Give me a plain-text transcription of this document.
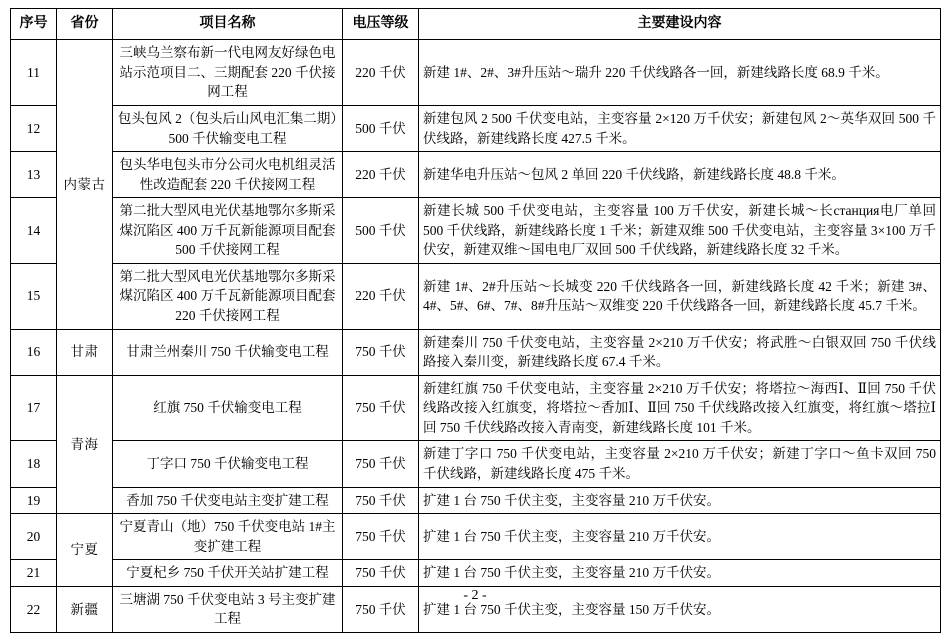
序号	省份	项目名称	电压等级	主要建设内容
11	内蒙古	三峡乌兰察布新一代电网友好绿色电站示范项目二、三期配套 220 千伏接网工程	220 千伏	新建 1#、2#、3#升压站～瑞升 220 千伏线路各一回，新建线路长度 68.9 千米。
12		包头包风 2（包头后山风电汇集二期）500 千伏输变电工程	500 千伏	新建包风 2 500 千伏变电站，主变容量 2×120 万千伏安；新建包风 2～英华双回 500 千伏线路，新建线路长度 427.5 千米。
13		包头华电包头市分公司火电机组灵活性改造配套 220 千伏接网工程	220 千伏	新建华电升压站～包风 2 单回 220 千伏线路，新建线路长度 48.8 千米。
14		第二批大型风电光伏基地鄂尔多斯采煤沉陷区 400 万千瓦新能源项目配套 500 千伏接网工程	500 千伏	新建长城 500 千伏变电站，主变容量 100 万千伏安，新建长城～长станция电厂单回 500 千伏线路，新建线路长度 1 千米；新建双维 500 千伏变电站，主变容量 3×100 万千伏安，新建双维～国电电厂双回 500 千伏线路，新建线路长度 32 千米。
15		第二批大型风电光伏基地鄂尔多斯采煤沉陷区 400 万千瓦新能源项目配套 220 千伏接网工程	220 千伏	新建 1#、2#升压站～长城变 220 千伏线路各一回，新建线路长度 42 千米；新建 3#、4#、5#、6#、7#、8#升压站～双维变 220 千伏线路各一回，新建线路长度 45.7 千米。
16	甘肃	甘肃兰州秦川 750 千伏输变电工程	750 千伏	新建秦川 750 千伏变电站，主变容量 2×210 万千伏安；将武胜～白银双回 750 千伏线路接入秦川变，新建线路长度 67.4 千米。
17	青海	红旗 750 千伏输变电工程	750 千伏	新建红旗 750 千伏变电站，主变容量 2×210 万千伏安；将塔拉～海西Ⅰ、Ⅱ回 750 千伏线路改接入红旗变，将塔拉～香加Ⅰ、Ⅱ回 750 千伏线路改接入红旗变，将红旗～塔拉Ⅰ回 750 千伏线路改接入青南变，新建线路长度 101 千米。
18		丁字口 750 千伏输变电工程	750 千伏	新建丁字口 750 千伏变电站，主变容量 2×210 万千伏安；新建丁字口～鱼卡双回 750 千伏线路，新建线路长度 475 千米。
19		香加 750 千伏变电站主变扩建工程	750 千伏	扩建 1 台 750 千伏主变，主变容量 210 万千伏安。
20	宁夏	宁夏青山（地）750 千伏变电站 1#主变扩建工程	750 千伏	扩建 1 台 750 千伏主变，主变容量 210 万千伏安。
21		宁夏杞乡 750 千伏开关站扩建工程	750 千伏	扩建 1 台 750 千伏主变，主变容量 210 万千伏安。
22	新疆	三塘湖 750 千伏变电站 3 号主变扩建工程	750 千伏	扩建 1 台 750 千伏主变，主变容量 150 万千伏安。
- 2 -
